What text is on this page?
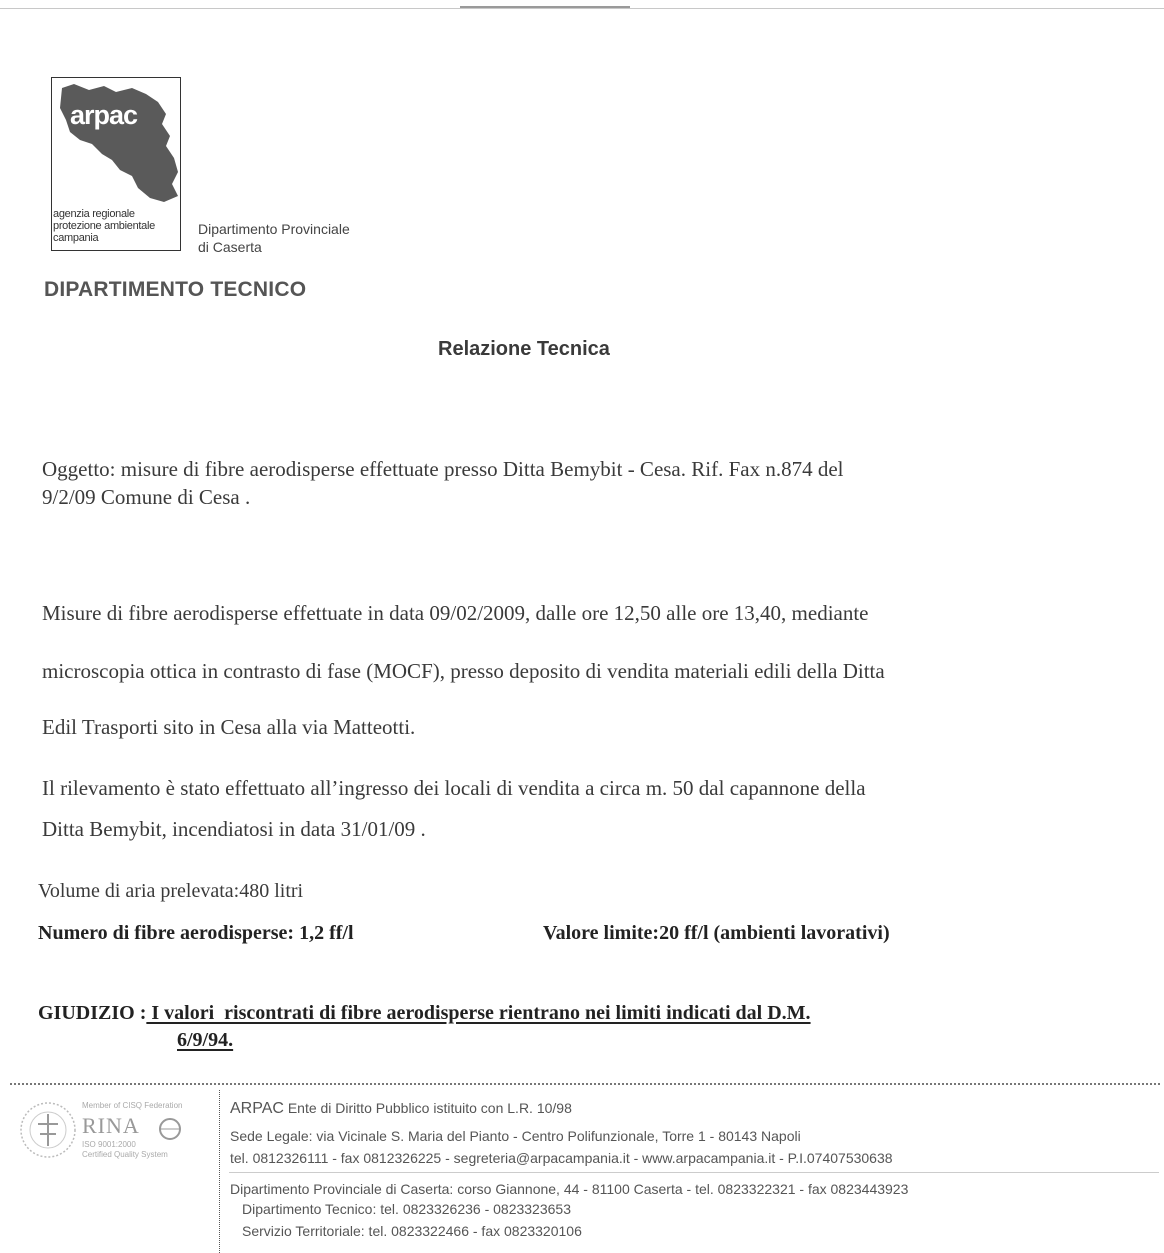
arpac
agenzia regionale
protezione ambientale
campania
Dipartimento Provinciale
di Caserta
DIPARTIMENTO TECNICO
Relazione Tecnica
Oggetto: misure di fibre aerodisperse effettuate presso Ditta Bemybit - Cesa. Rif. Fax n.874 del
9/2/09 Comune di Cesa .
Misure di fibre aerodisperse effettuate in data 09/02/2009, dalle ore 12,50 alle ore 13,40, mediante
microscopia ottica in contrasto di fase (MOCF), presso deposito di vendita materiali edili della Ditta
Edil Trasporti sito in Cesa alla via Matteotti.
Il rilevamento è stato effettuato all’ingresso dei locali di vendita a circa m. 50 dal capannone della
Ditta Bemybit, incendiatosi in data 31/01/09 .
Volume di aria prelevata:480 litri
Numero di fibre aerodisperse: 1,2 ff/l	Valore limite:20 ff/l (ambienti lavorativi)
GIUDIZIO : I valori  riscontrati di fibre aerodisperse rientrano nei limiti indicati dal D.M.
6/9/94.
Member of CISQ Federation
RINA
ISO 9001:2000
Certified Quality System
ARPAC Ente di Diritto Pubblico istituito con L.R. 10/98
Sede Legale: via Vicinale S. Maria del Pianto - Centro Polifunzionale, Torre 1 - 80143 Napoli
tel. 0812326111 - fax 0812326225 - segreteria@arpacampania.it - www.arpacampania.it - P.I.07407530638
Dipartimento Provinciale di Caserta: corso Giannone, 44 - 81100 Caserta - tel. 0823322321 - fax 0823443923
Dipartimento Tecnico: tel. 0823326236 - 0823323653
Servizio Territoriale: tel. 0823322466 - fax 0823320106
